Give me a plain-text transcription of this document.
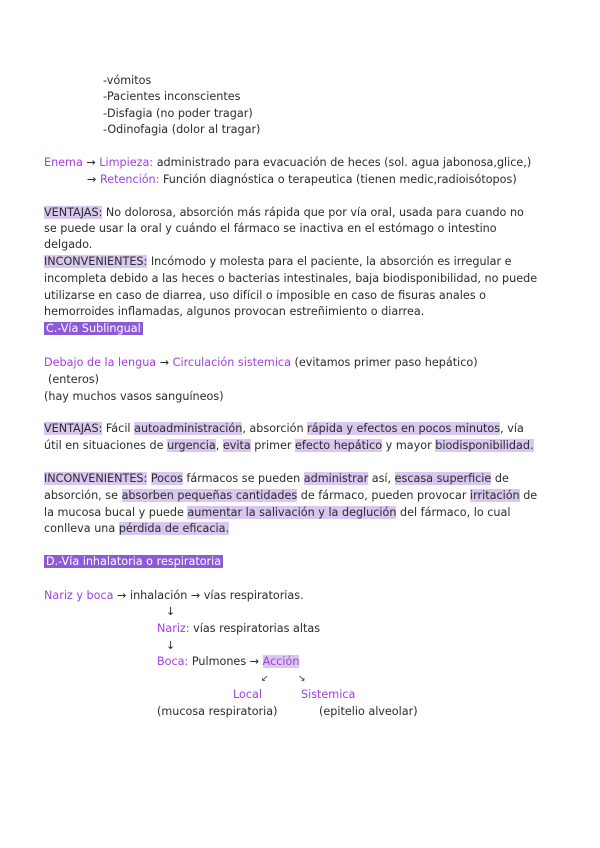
-vómitos
-Pacientes inconscientes
-Disfagia (no poder tragar)
-Odinofagia (dolor al tragar)
Enema → Limpieza: administrado para evacuación de heces (sol. agua jabonosa,glice,)
→ Retención: Función diagnóstica o terapeutica (tienen medic,radioisótopos)
VENTAJAS: No dolorosa, absorción más rápida que por vía oral, usada para cuando no
se puede usar la oral y cuándo el fármaco se inactiva en el estómago o intestino
delgado.
INCONVENIENTES: Incómodo y molesta para el paciente, la absorción es irregular e
incompleta debido a las heces o bacterias intestinales, baja biodisponibilidad, no puede
utilizarse en caso de diarrea, uso difícil o imposible en caso de fisuras anales o
hemorroides inflamadas, algunos provocan estreñimiento o diarrea.
C.-Vía Sublingual
Debajo de la lengua → Circulación sistemica (evitamos primer paso hepático)
(enteros)
(hay muchos vasos sanguíneos)
VENTAJAS: Fácil autoadministración, absorción rápida y efectos en pocos minutos, vía
útil en situaciones de urgencia, evita primer efecto hepático y mayor biodisponibilidad.
INCONVENIENTES: Pocos fármacos se pueden administrar así, escasa superficie de
absorción, se absorben pequeñas cantidades de fármaco, pueden provocar irritación de
la mucosa bucal y puede aumentar la salivación y la deglución del fármaco, lo cual
conlleva una pérdida de eficacia.
D.-Vía inhalatoria o respiratoria
Nariz y boca → inhalación → vías respiratorias.
↓
Nariz: vías respiratorias altas
↓
Boca: Pulmones → Acción
↙	↘
Local	Sistemica
(mucosa respiratoria)	(epitelio alveolar)
